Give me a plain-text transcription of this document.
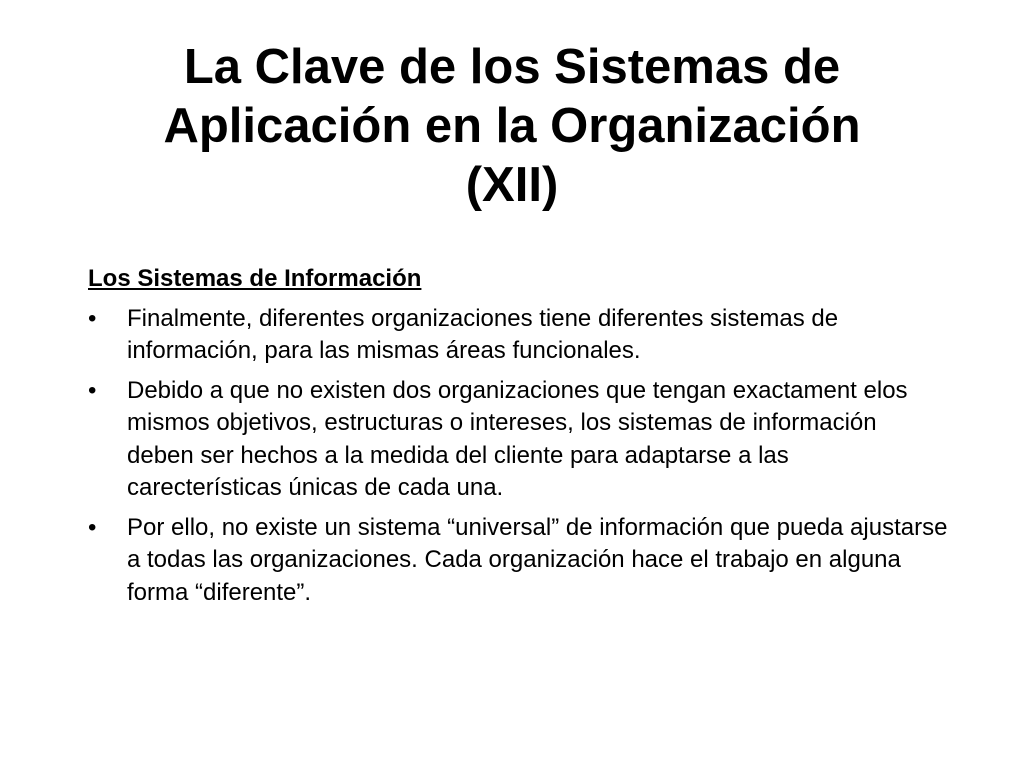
La Clave de los Sistemas de
Aplicación en la Organización
(XII)
Los Sistemas de Información
• Finalmente, diferentes organizaciones tiene diferentes sistemas de información, para las mismas áreas funcionales.
• Debido a que no existen dos organizaciones que tengan exactament elos mismos objetivos, estructuras o intereses, los sistemas de información deben ser hechos a la medida del cliente para adaptarse a las carecterísticas únicas de cada una.
• Por ello, no existe un sistema “universal” de información que pueda ajustarse a todas las organizaciones. Cada organización hace el trabajo en alguna forma “diferente”.
